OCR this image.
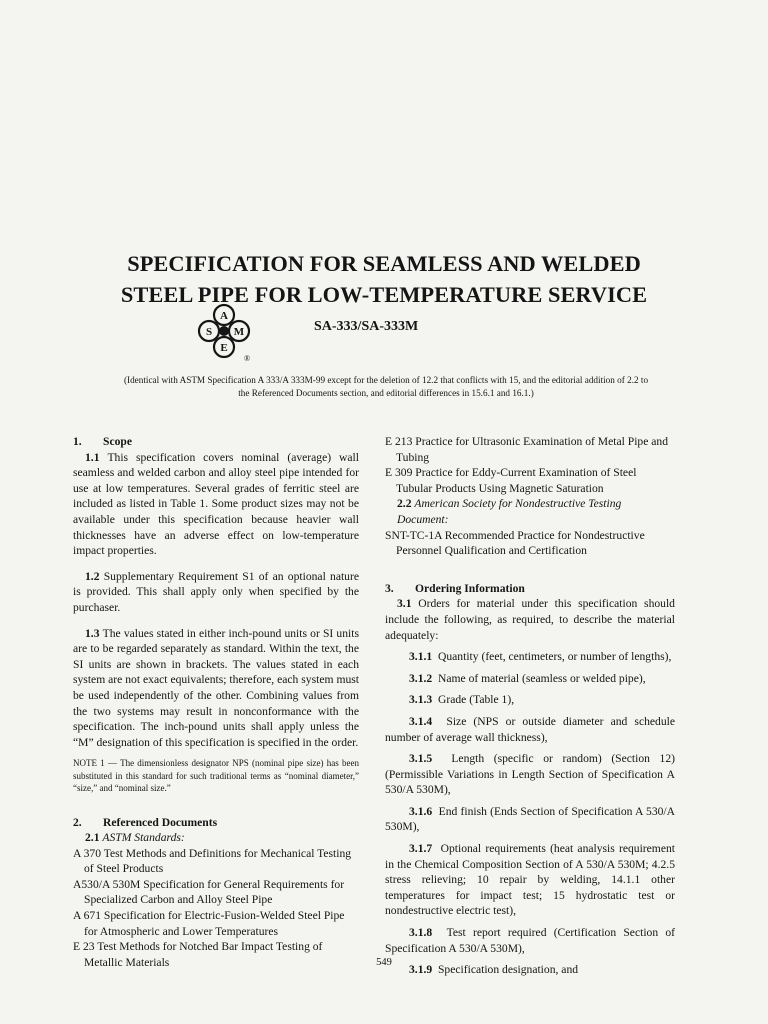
SPECIFICATION FOR SEAMLESS AND WELDED
STEEL PIPE FOR LOW-TEMPERATURE SERVICE
A
S M
E
®
SA-333/SA-333M
(Identical with ASTM Specification A 333/A 333M-99 except for the deletion of 12.2 that conflicts with 15, and the editorial addition of 2.2 to
the Referenced Documents section, and editorial differences in 15.6.1 and 16.1.)

1. Scope

1.1 This specification covers nominal (average) wall seamless and welded carbon and alloy steel pipe intended for use at low temperatures. Several grades of ferritic steel are included as listed in Table 1. Some product sizes may not be available under this specification because heavier wall thicknesses have an adverse effect on low-temperature impact properties.

1.2 Supplementary Requirement S1 of an optional nature is provided. This shall apply only when specified by the purchaser.

1.3 The values stated in either inch-pound units or SI units are to be regarded separately as standard. Within the text, the SI units are shown in brackets. The values stated in each system are not exact equivalents; therefore, each system must be used independently of the other. Combining values from the two systems may result in nonconformance with the specification. The inch-pound units shall apply unless the “M” designation of this specification is specified in the order.

NOTE 1 — The dimensionless designator NPS (nominal pipe size) has been substituted in this standard for such traditional terms as “nominal diameter,” “size,” and “nominal size.”

2. Referenced Documents

2.1 ASTM Standards:

A 370 Test Methods and Definitions for Mechanical Testing of Steel Products

A530/A 530M Specification for General Requirements for Specialized Carbon and Alloy Steel Pipe

A 671 Specification for Electric-Fusion-Welded Steel Pipe for Atmospheric and Lower Temperatures

E 23 Test Methods for Notched Bar Impact Testing of Metallic Materials

E 213 Practice for Ultrasonic Examination of Metal Pipe and Tubing

E 309 Practice for Eddy-Current Examination of Steel Tubular Products Using Magnetic Saturation

2.2 American Society for Nondestructive Testing Document:

SNT-TC-1A Recommended Practice for Nondestructive Personnel Qualification and Certification

3. Ordering Information

3.1 Orders for material under this specification should include the following, as required, to describe the material adequately:

3.1.1 Quantity (feet, centimeters, or number of lengths),

3.1.2 Name of material (seamless or welded pipe),

3.1.3 Grade (Table 1),

3.1.4 Size (NPS or outside diameter and schedule number of average wall thickness),

3.1.5 Length (specific or random) (Section 12) (Permissible Variations in Length Section of Specification A 530/A 530M),

3.1.6 End finish (Ends Section of Specification A 530/A 530M),

3.1.7 Optional requirements (heat analysis requirement in the Chemical Composition Section of A 530/A 530M; 4.2.5 stress relieving; 10 repair by welding, 14.1.1 other temperatures for impact test; 15 hydrostatic test or nondestructive electric test),

3.1.8 Test report required (Certification Section of Specification A 530/A 530M),

3.1.9 Specification designation, and

549
